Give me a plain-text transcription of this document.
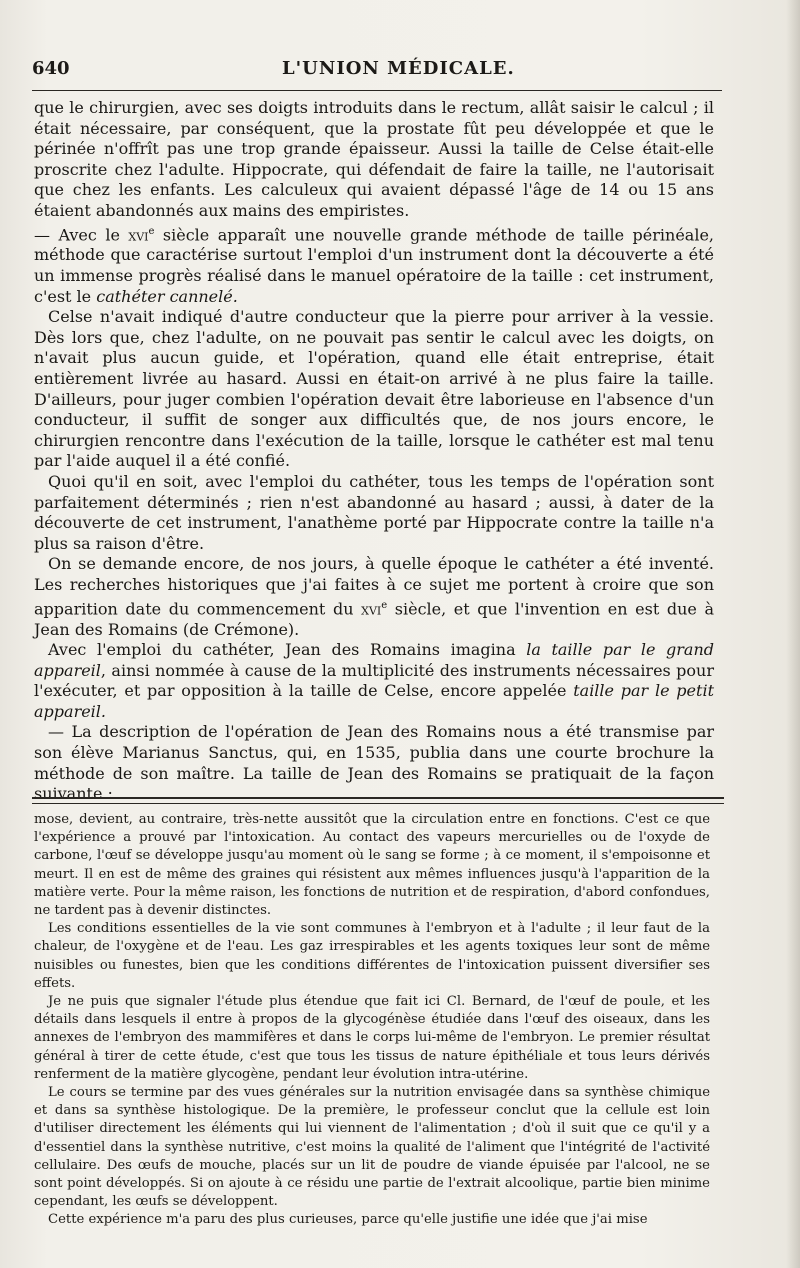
640	L'UNION MÉDICALE.

que le chirurgien, avec ses doigts introduits dans le rectum, allât saisir le calcul ; il était nécessaire, par conséquent, que la prostate fût peu développée et que le périnée n'offrît pas une trop grande épaisseur. Aussi la taille de Celse était-elle proscrite chez l'adulte. Hippocrate, qui défendait de faire la taille, ne l'autorisait que chez les enfants. Les calculeux qui avaient dépassé l'âge de 14 ou 15 ans étaient abandonnés aux mains des empiristes.

— Avec le xvi$^e$ siècle apparaît une nouvelle grande méthode de taille périnéale, méthode que caractérise surtout l'emploi d'un instrument dont la découverte a été un immense progrès réalisé dans le manuel opératoire de la taille : cet instrument, c'est le cathéter cannelé.

Celse n'avait indiqué d'autre conducteur que la pierre pour arriver à la vessie. Dès lors que, chez l'adulte, on ne pouvait pas sentir le calcul avec les doigts, on n'avait plus aucun guide, et l'opération, quand elle était entreprise, était entièrement livrée au hasard. Aussi en était-on arrivé à ne plus faire la taille. D'ailleurs, pour juger combien l'opération devait être laborieuse en l'absence d'un conducteur, il suffit de songer aux difficultés que, de nos jours encore, le chirurgien rencontre dans l'exécution de la taille, lorsque le cathéter est mal tenu par l'aide auquel il a été confié.

Quoi qu'il en soit, avec l'emploi du cathéter, tous les temps de l'opération sont parfaitement déterminés ; rien n'est abandonné au hasard ; aussi, à dater de la découverte de cet instrument, l'anathème porté par Hippocrate contre la taille n'a plus sa raison d'être.

On se demande encore, de nos jours, à quelle époque le cathéter a été inventé. Les recherches historiques que j'ai faites à ce sujet me portent à croire que son apparition date du commencement du xvi$^e$ siècle, et que l'invention en est due à Jean des Romains (de Crémone).

Avec l'emploi du cathéter, Jean des Romains imagina la taille par le grand appareil, ainsi nommée à cause de la multiplicité des instruments nécessaires pour l'exécuter, et par opposition à la taille de Celse, encore appelée taille par le petit appareil.

— La description de l'opération de Jean des Romains nous a été transmise par son élève Marianus Sanctus, qui, en 1535, publia dans une courte brochure la méthode de son maître. La taille de Jean des Romains se pratiquait de la façon suivante :

mose, devient, au contraire, très-nette aussitôt que la circulation entre en fonctions. C'est ce que l'expérience a prouvé par l'intoxication. Au contact des vapeurs mercurielles ou de l'oxyde de carbone, l'œuf se développe jusqu'au moment où le sang se forme ; à ce moment, il s'empoisonne et meurt. Il en est de même des graines qui résistent aux mêmes influences jusqu'à l'apparition de la matière verte. Pour la même raison, les fonctions de nutrition et de respiration, d'abord confondues, ne tardent pas à devenir distinctes.

Les conditions essentielles de la vie sont communes à l'embryon et à l'adulte ; il leur faut de la chaleur, de l'oxygène et de l'eau. Les gaz irrespirables et les agents toxiques leur sont de même nuisibles ou funestes, bien que les conditions différentes de l'intoxication puissent diversifier ses effets.

Je ne puis que signaler l'étude plus étendue que fait ici Cl. Bernard, de l'œuf de poule, et les détails dans lesquels il entre à propos de la glycogénèse étudiée dans l'œuf des oiseaux, dans les annexes de l'embryon des mammifères et dans le corps lui-même de l'embryon. Le premier résultat général à tirer de cette étude, c'est que tous les tissus de nature épithéliale et tous leurs dérivés renferment de la matière glycogène, pendant leur évolution intra-utérine.

Le cours se termine par des vues générales sur la nutrition envisagée dans sa synthèse chimique et dans sa synthèse histologique. De la première, le professeur conclut que la cellule est loin d'utiliser directement les éléments qui lui viennent de l'alimentation ; d'où il suit que ce qu'il y a d'essentiel dans la synthèse nutritive, c'est moins la qualité de l'aliment que l'intégrité de l'activité cellulaire. Des œufs de mouche, placés sur un lit de poudre de viande épuisée par l'alcool, ne se sont point développés. Si on ajoute à ce résidu une partie de l'extrait alcoolique, partie bien minime cependant, les œufs se développent.

Cette expérience m'a paru des plus curieuses, parce qu'elle justifie une idée que j'ai mise
